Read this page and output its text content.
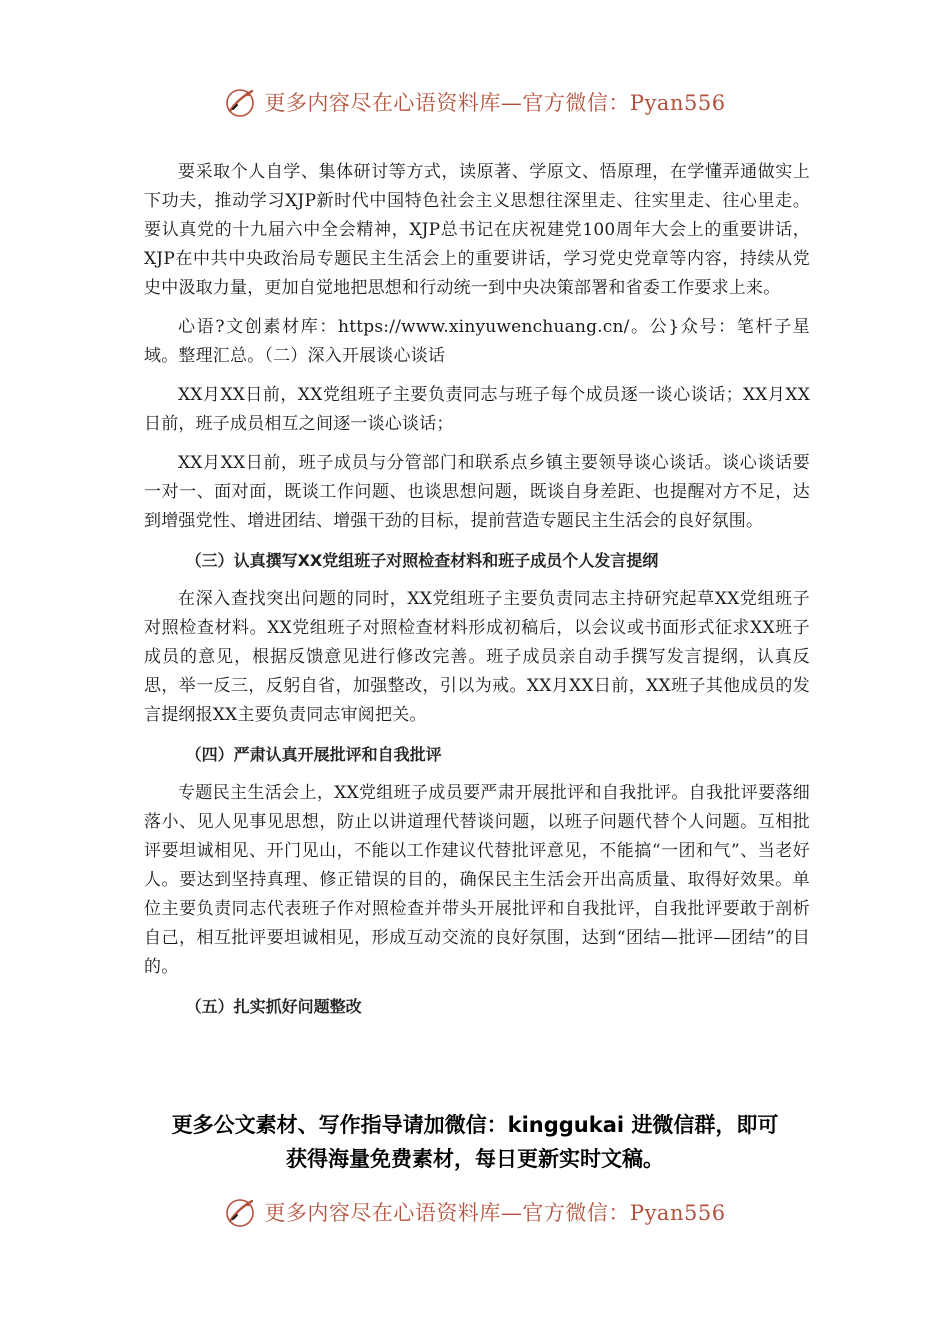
更多内容尽在心语资料库—官方微信：Pyan556

要采取个人自学、集体研讨等方式，读原著、学原文、悟原理，在学懂弄通做实上下功夫，推动学习XJP新时代中国特色社会主义思想往深里走、往实里走、往心里走。要认真党的十九届六中全会精神，XJP总书记在庆祝建党100周年大会上的重要讲话，XJP在中共中央政治局专题民主生活会上的重要讲话，学习党史党章等内容，持续从党史中汲取力量，更加自觉地把思想和行动统一到中央决策部署和省委工作要求上来。

心语?文创素材库：https://www.xinyuwenchuang.cn/。公}众号：笔杆子星域。整理汇总。（二）深入开展谈心谈话

XX月XX日前，XX党组班子主要负责同志与班子每个成员逐一谈心谈话；XX月XX日前，班子成员相互之间逐一谈心谈话；

XX月XX日前，班子成员与分管部门和联系点乡镇主要领导谈心谈话。谈心谈话要一对一、面对面，既谈工作问题、也谈思想问题，既谈自身差距、也提醒对方不足，达到增强党性、增进团结、增强干劲的目标，提前营造专题民主生活会的良好氛围。

（三）认真撰写XX党组班子对照检查材料和班子成员个人发言提纲

在深入查找突出问题的同时，XX党组班子主要负责同志主持研究起草XX党组班子对照检查材料。XX党组班子对照检查材料形成初稿后，以会议或书面形式征求XX班子成员的意见，根据反馈意见进行修改完善。班子成员亲自动手撰写发言提纲，认真反思，举一反三，反躬自省，加强整改，引以为戒。XX月XX日前，XX班子其他成员的发言提纲报XX主要负责同志审阅把关。

（四）严肃认真开展批评和自我批评

专题民主生活会上，XX党组班子成员要严肃开展批评和自我批评。自我批评要落细落小、见人见事见思想，防止以讲道理代替谈问题，以班子问题代替个人问题。互相批评要坦诚相见、开门见山，不能以工作建议代替批评意见，不能搞“一团和气”、当老好人。要达到坚持真理、修正错误的目的，确保民主生活会开出高质量、取得好效果。单位主要负责同志代表班子作对照检查并带头开展批评和自我批评，自我批评要敢于剖析自己，相互批评要坦诚相见，形成互动交流的良好氛围，达到“团结—批评—团结”的目的。

（五）扎实抓好问题整改
更多公文素材、写作指导请加微信：kinggukai 进微信群，即可
获得海量免费素材，每日更新实时文稿。
更多内容尽在心语资料库—官方微信：Pyan556
